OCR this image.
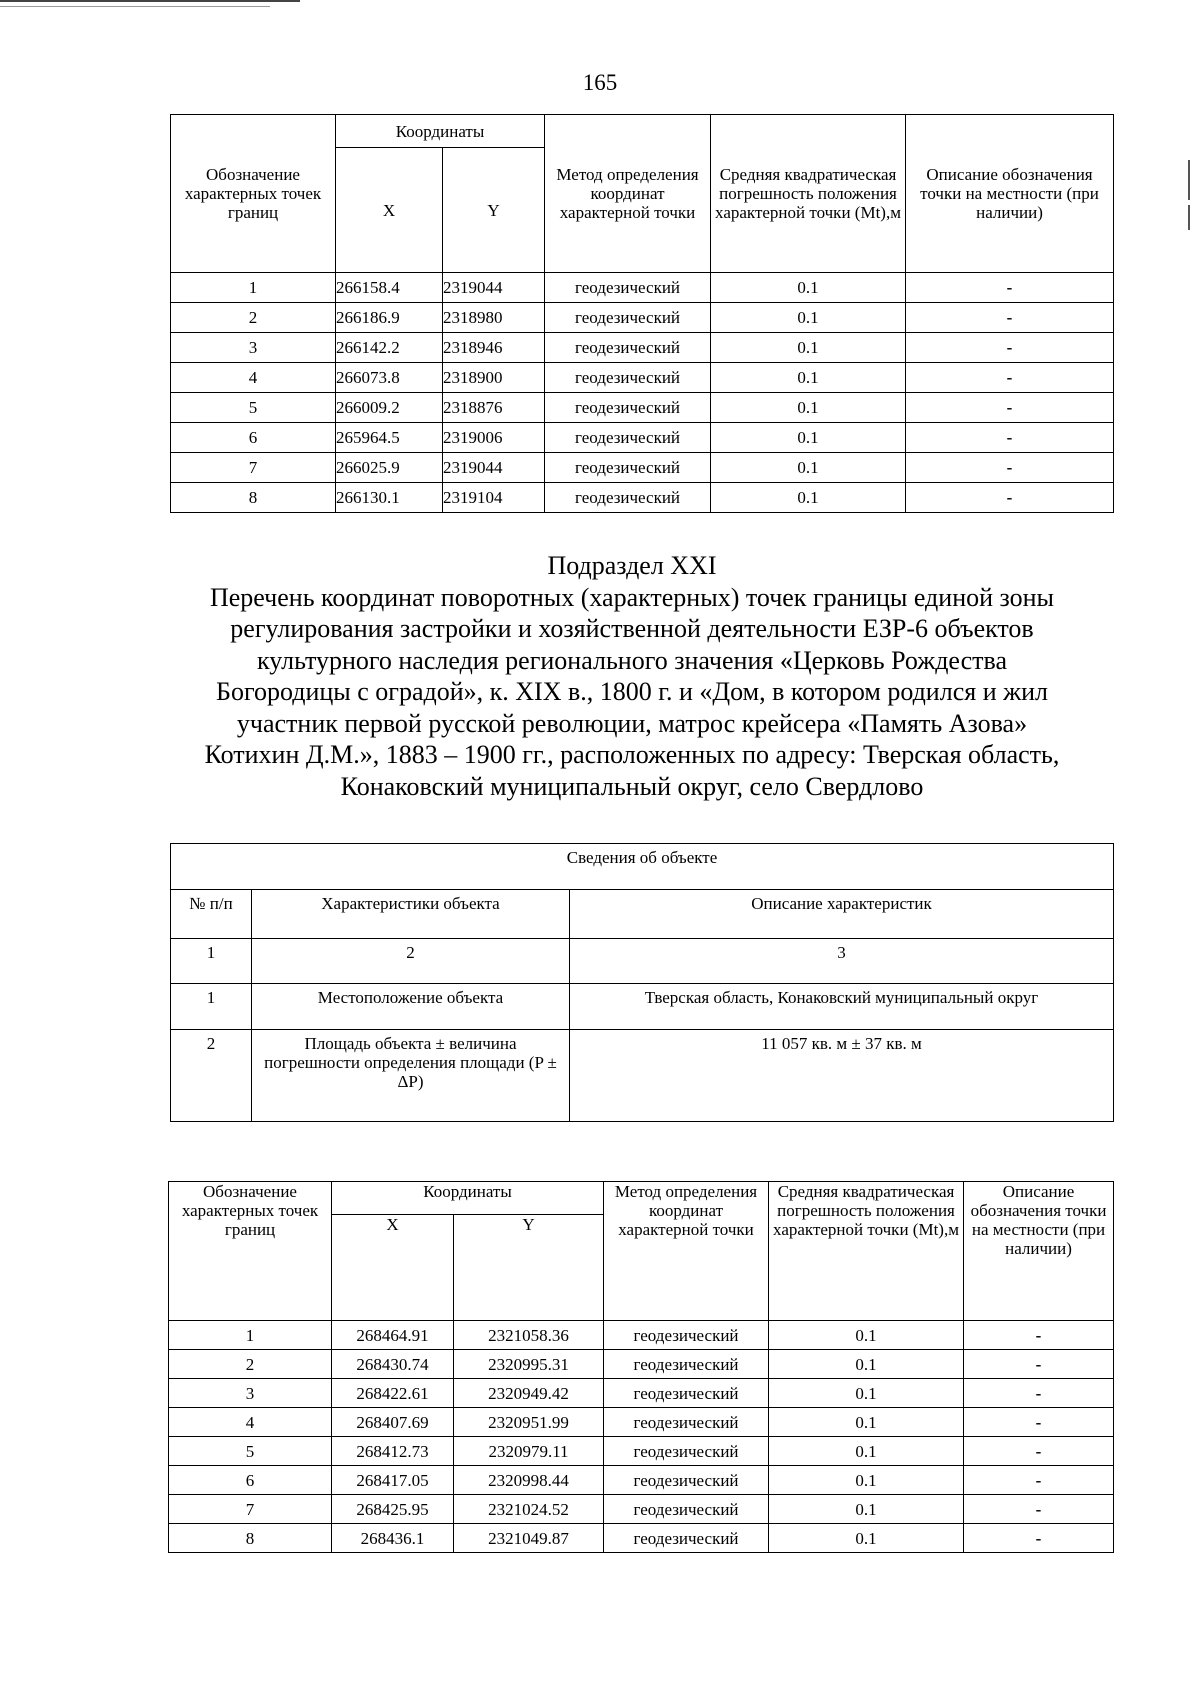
165
Обозначение характерных точек границ	Координаты		Метод определения координат характерной точки	Средняя квадратическая погрешность положения характерной точки (Mt),м	Описание обозначения точки на местности (при наличии)
	X	Y			
1	266158.4	2319044	геодезический	0.1	-
2	266186.9	2318980	геодезический	0.1	-
3	266142.2	2318946	геодезический	0.1	-
4	266073.8	2318900	геодезический	0.1	-
5	266009.2	2318876	геодезический	0.1	-
6	265964.5	2319006	геодезический	0.1	-
7	266025.9	2319044	геодезический	0.1	-
8	266130.1	2319104	геодезический	0.1	-
Подраздел XXI
Перечень координат поворотных (характерных) точек границы единой зоны
регулирования застройки и хозяйственной деятельности ЕЗР-6 объектов
культурного наследия регионального значения «Церковь Рождества
Богородицы с оградой», к. XIX в., 1800 г. и «Дом, в котором родился и жил
участник первой русской революции, матрос крейсера «Память Азова»
Котихин Д.М.», 1883 – 1900 гг., расположенных по адресу: Тверская область,
Конаковский муниципальный округ, село Свердлово
Сведения об объекте		
№ п/п	Характеристики объекта	Описание характеристик
1	2	3
1	Местоположение объекта	Тверская область, Конаковский муниципальный округ
2	Площадь объекта ± величина погрешности определения площади (P ± ΔP)	11 057 кв. м ± 37 кв. м
Обозначение характерных точек границ	Координаты		Метод определения координат характерной точки	Средняя квадратическая погрешность положения характерной точки (Mt),м	Описание обозначения точки на местности (при наличии)
	X	Y			
1	268464.91	2321058.36	геодезический	0.1	-
2	268430.74	2320995.31	геодезический	0.1	-
3	268422.61	2320949.42	геодезический	0.1	-
4	268407.69	2320951.99	геодезический	0.1	-
5	268412.73	2320979.11	геодезический	0.1	-
6	268417.05	2320998.44	геодезический	0.1	-
7	268425.95	2321024.52	геодезический	0.1	-
8	268436.1	2321049.87	геодезический	0.1	-
